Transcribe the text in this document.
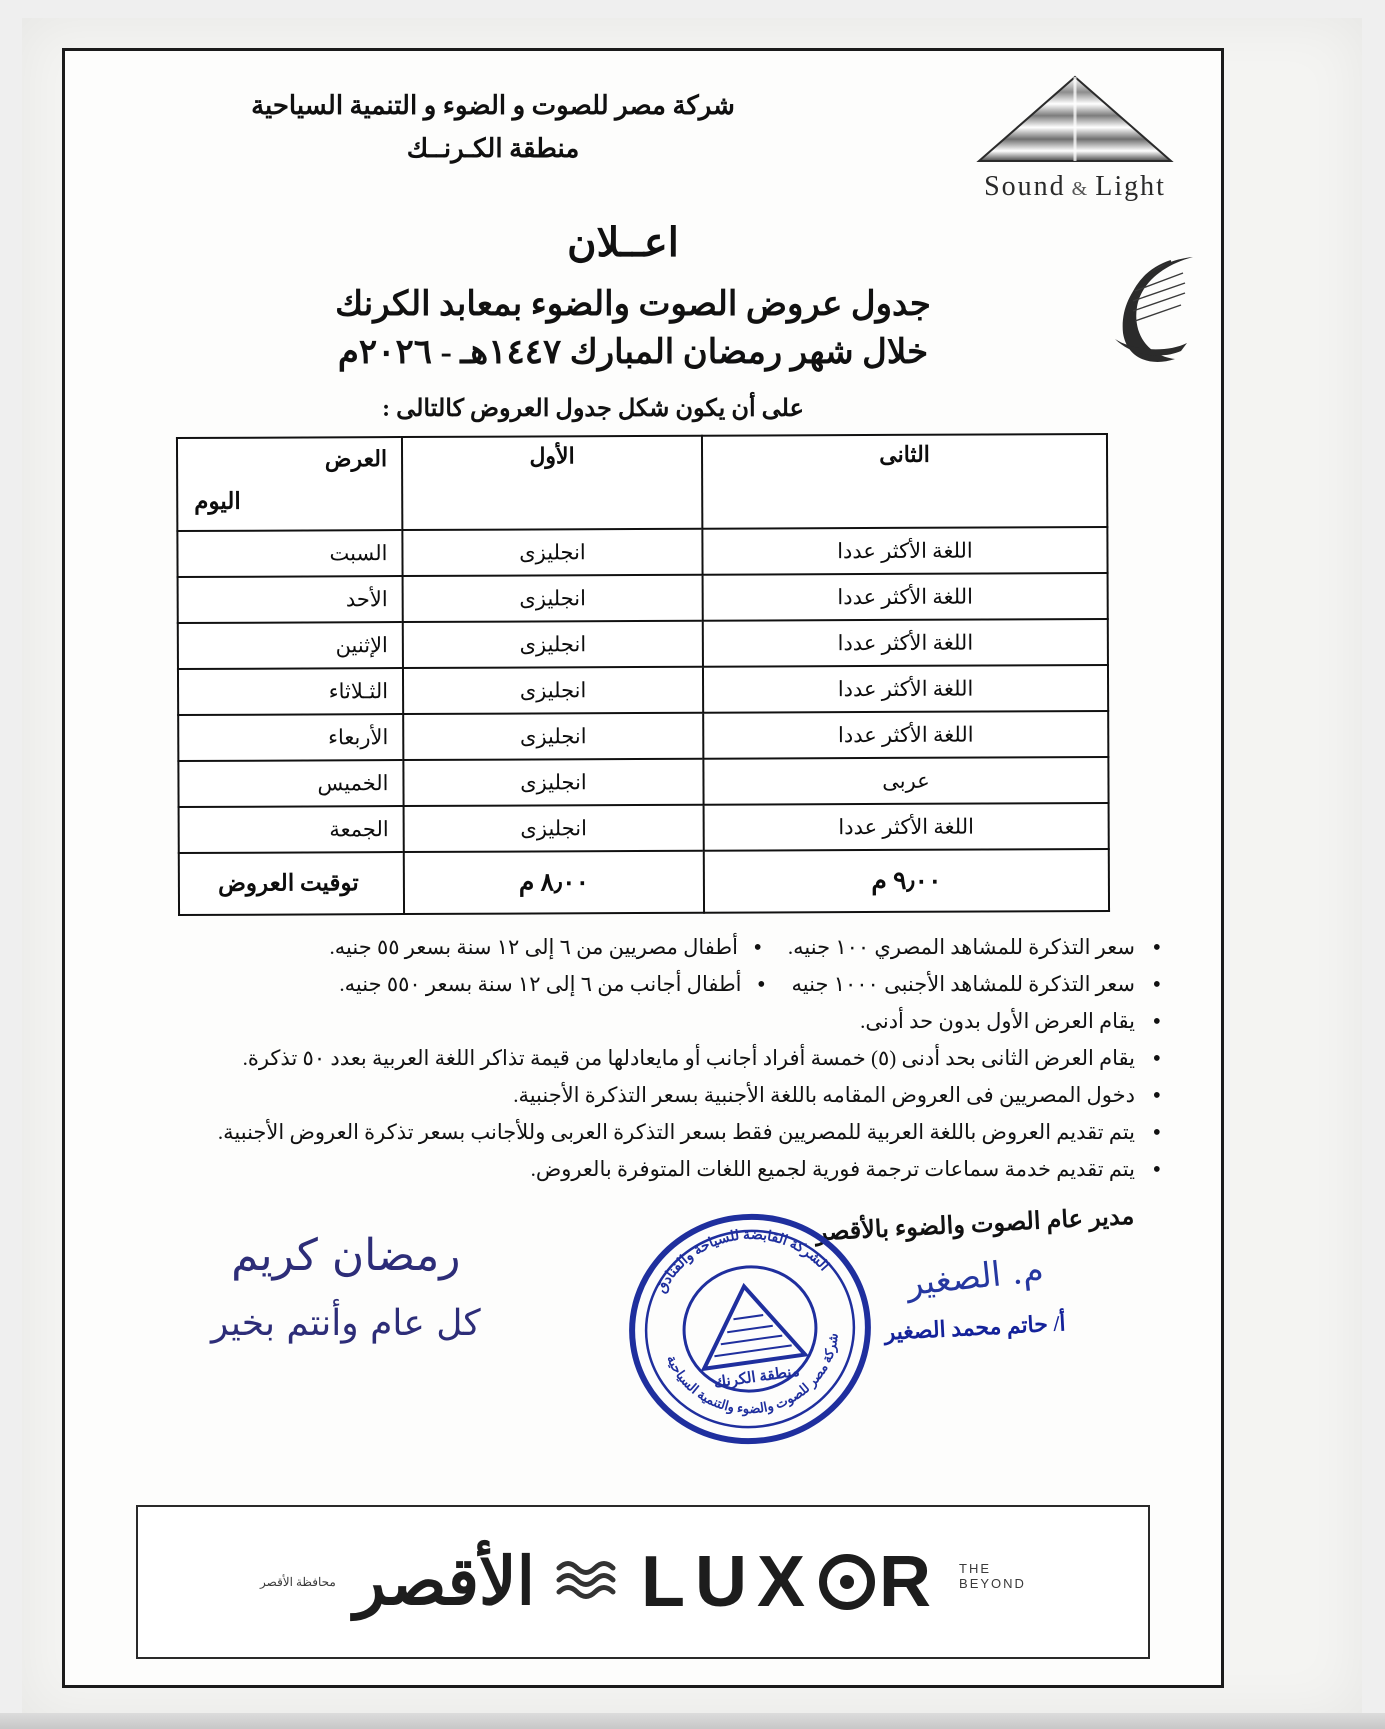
شركة مصر للصوت و الضوء و التنمية السياحية
منطقة الكـرنــك
Sound & Light
اعــلان
جدول عروض الصوت والضوء بمعابد الكرنك
خلال شهر رمضان المبارك ١٤٤٧هـ - ٢٠٢٦م
على أن يكون شكل جدول العروض كالتالى :
الثانى	الأول	العرض
اليوم

اللغة الأكثر عددا	انجليزى	السبت
اللغة الأكثر عددا	انجليزى	الأحد
اللغة الأكثر عددا	انجليزى	الإثنين
اللغة الأكثر عددا	انجليزى	الثـلاثاء
اللغة الأكثر عددا	انجليزى	الأربعاء
عربى	انجليزى	الخميس
اللغة الأكثر عددا	انجليزى	الجمعة
٩٫٠٠ م	٨٫٠٠ م	توقيت العروض
• سعر التذكرة للمشاهد المصري ١٠٠ جنيه.
• أطفال مصريين من ٦ إلى ١٢ سنة بسعر ٥٥ جنيه.
• سعر التذكرة للمشاهد الأجنبى ١٠٠٠ جنيه
• أطفال أجانب من ٦ إلى ١٢ سنة بسعر ٥٥٠ جنيه.
• يقام العرض الأول بدون حد أدنى.
• يقام العرض الثانى بحد أدنى (٥) خمسة أفراد أجانب أو مايعادلها من قيمة تذاكر اللغة العربية بعدد ٥٠ تذكرة.
• دخول المصريين فى العروض المقامه باللغة الأجنبية بسعر التذكرة الأجنبية.
• يتم تقديم العروض باللغة العربية للمصريين فقط بسعر التذكرة العربى وللأجانب بسعر تذكرة العروض الأجنبية.
• يتم تقديم خدمة سماعات ترجمة فورية لجميع اللغات المتوفرة بالعروض.
مدير عام الصوت والضوء بالأقصر
م. الصغير
أ/ حاتم محمد الصغير
الشركة القابضة للسياحة والفنادق
شركة مصر للصوت والضوء والتنمية السياحية
منطقة الكرنك
رمضان كريم
كل عام وأنتم بخير
محافظة الأقصر الأقصر LUX R THE
BEYOND
